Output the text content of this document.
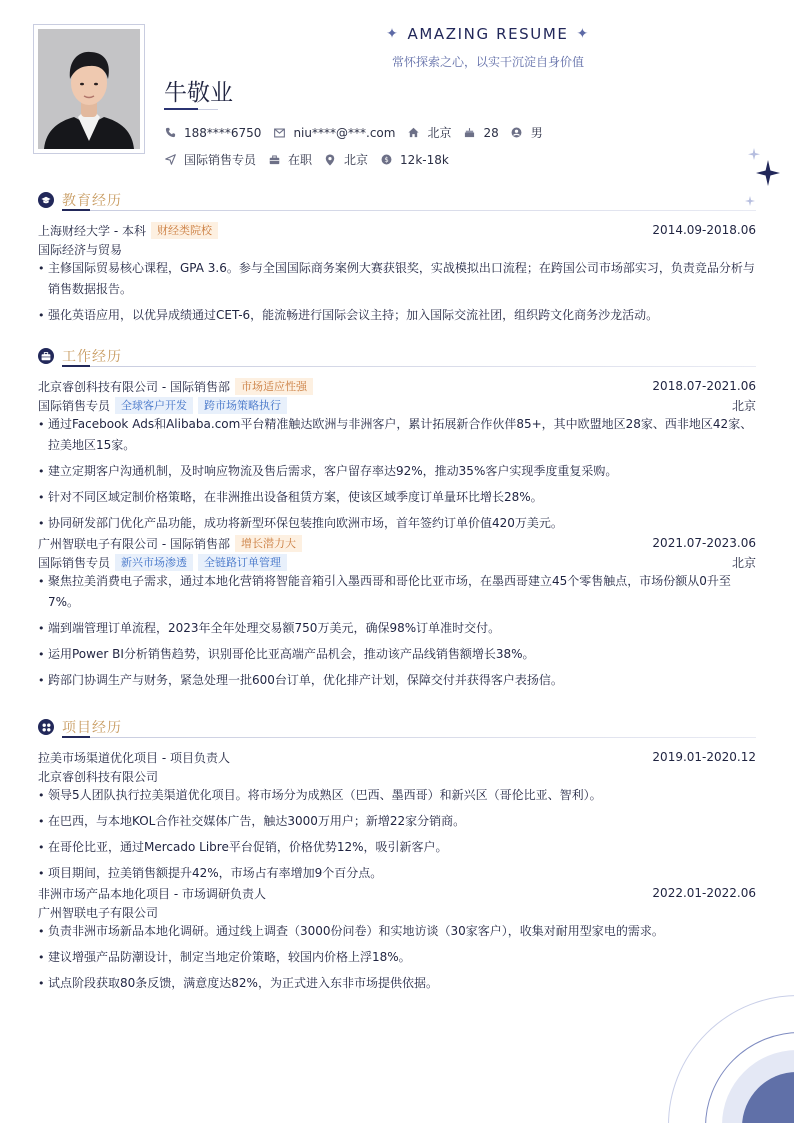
✦ AMAZING RESUME ✦
常怀探索之心，以实干沉淀自身价值
牛敬业
188****6750	niu****@***.com	北京	28	男
国际销售专员	在职	北京 $ 12k-18k
教育经历
上海财经大学 - 本科	财经类院校	2014.09-2018.06
国际经济与贸易
• 主修国际贸易核心课程，GPA 3.6。参与全国国际商务案例大赛获银奖，实战模拟出口流程；在跨国公司市场部实习，负责竞品分析与销售数据报告。
• 强化英语应用，以优异成绩通过CET-6，能流畅进行国际会议主持；加入国际交流社团，组织跨文化商务沙龙活动。
工作经历
北京睿创科技有限公司 - 国际销售部	市场适应性强	2018.07-2021.06
国际销售专员	全球客户开发	跨市场策略执行	北京
• 通过Facebook Ads和Alibaba.com平台精准触达欧洲与非洲客户，累计拓展新合作伙伴85+，其中欧盟地区28家、西非地区42家、拉美地区15家。
• 建立定期客户沟通机制，及时响应物流及售后需求，客户留存率达92%，推动35%客户实现季度重复采购。
• 针对不同区域定制价格策略，在非洲推出设备租赁方案，使该区域季度订单量环比增长28%。
• 协同研发部门优化产品功能，成功将新型环保包装推向欧洲市场，首年签约订单价值420万美元。
广州智联电子有限公司 - 国际销售部	增长潜力大	2021.07-2023.06
国际销售专员	新兴市场渗透	全链路订单管理	北京
• 聚焦拉美消费电子需求，通过本地化营销将智能音箱引入墨西哥和哥伦比亚市场，在墨西哥建立45个零售触点，市场份额从0升至7%。
• 端到端管理订单流程，2023年全年处理交易额750万美元，确保98%订单准时交付。
• 运用Power BI分析销售趋势，识别哥伦比亚高端产品机会，推动该产品线销售额增长38%。
• 跨部门协调生产与财务，紧急处理一批600台订单，优化排产计划，保障交付并获得客户表扬信。
项目经历
拉美市场渠道优化项目 - 项目负责人	2019.01-2020.12
北京睿创科技有限公司
• 领导5人团队执行拉美渠道优化项目。将市场分为成熟区（巴西、墨西哥）和新兴区（哥伦比亚、智利）。
• 在巴西，与本地KOL合作社交媒体广告，触达3000万用户；新增22家分销商。
• 在哥伦比亚，通过Mercado Libre平台促销，价格优势12%，吸引新客户。
• 项目期间，拉美销售额提升42%，市场占有率增加9个百分点。
非洲市场产品本地化项目 - 市场调研负责人	2022.01-2022.06
广州智联电子有限公司
• 负责非洲市场新品本地化调研。通过线上调查（3000份问卷）和实地访谈（30家客户），收集对耐用型家电的需求。
• 建议增强产品防潮设计，制定当地定价策略，较国内价格上浮18%。
• 试点阶段获取80条反馈，满意度达82%，为正式进入东非市场提供依据。
